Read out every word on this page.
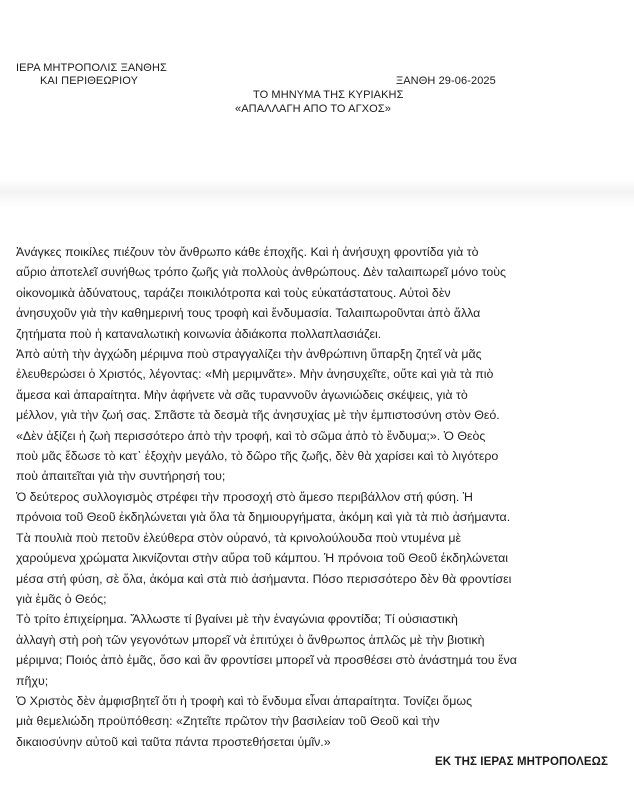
ΙΕΡΑ ΜΗΤΡΟΠΟΛΙΣ ΞΑΝΘΗΣ
ΚΑΙ ΠΕΡΙΘΕΩΡΙΟΥ	ΞΑΝΘΗ 29-06-2025
ΤΟ ΜΗΝΥΜΑ ΤΗΣ ΚΥΡΙΑΚΗΣ
«ΑΠΑΛΛΑΓΗ ΑΠΟ ΤΟ ΑΓΧΟΣ»
Ἀνάγκες ποικίλες πιέζουν τὸν ἄνθρωπο κάθε ἐποχῆς. Καὶ ἡ ἀνήσυχη φροντίδα γιὰ τὸ
αὔριο ἀποτελεῖ συνήθως τρόπο ζωῆς γιὰ πολλοὺς ἀνθρώπους. Δὲν ταλαιπωρεῖ μόνο τοὺς
οἰκονομικὰ ἀδύνατους, ταράζει ποικιλότροπα καὶ τοὺς εὐκατάστατους. Αὐτοὶ δὲν
ἀνησυχοῦν γιὰ τὴν καθημερινή τους τροφὴ καὶ ἔνδυμασία. Ταλαιπωροῦνται ἀπὸ ἄλλα
ζητήματα ποὺ ἡ καταναλωτικὴ κοινωνία ἀδιάκοπα πολλαπλασιάζει.
Ἀπὸ αὐτὴ τὴν ἀγχώδη μέριμνα ποὺ στραγγαλίζει τὴν ἀνθρώπινη ὕπαρξη ζητεῖ νὰ μᾶς
ἐλευθερώσει ὁ Χριστός, λέγοντας: «Μὴ μεριμνᾶτε». Μὴν ἀνησυχεῖτε, οὔτε καὶ γιὰ τὰ πιὸ
ἄμεσα καὶ ἀπαραίτητα. Μὴν ἀφήνετε νὰ σᾶς τυραννοῦν ἀγωνιώδεις σκέψεις, γιὰ τὸ
μέλλον, γιὰ τὴν ζωή σας. Σπᾶστε τὰ δεσμὰ τῆς ἀνησυχίας μὲ τὴν ἐμπιστοσύνη στὸν Θεό.
«Δὲν ἀξίζει ἡ ζωὴ περισσότερο ἀπὸ τὴν τροφή, καὶ τὸ σῶμα ἀπὸ τὸ ἔνδυμα;». Ὁ Θεὸς
ποὺ μᾶς ἔδωσε τὸ κατ᾽ ἐξοχὴν μεγάλο, τὸ δῶρο τῆς ζωῆς, δὲν θὰ χαρίσει καὶ τὸ λιγότερο
ποὺ ἀπαιτεῖται γιὰ τὴν συντήρησή του;
Ὁ δεύτερος συλλογισμὸς στρέφει τὴν προσοχή στὸ ἄμεσο περιβάλλον στή φύση. Ἡ
πρόνοια τοῦ Θεοῦ ἐκδηλώνεται γιὰ ὅλα τὰ δημιουργήματα, ἀκόμη καὶ γιὰ τὰ πιὸ ἀσήμαντα.
Τὰ πουλιὰ ποὺ πετοῦν ἐλεύθερα στὸν οὐρανό, τὰ κρινολούλουδα ποὺ ντυμένα μὲ
χαρούμενα χρώματα λικνίζονται στὴν αὔρα τοῦ κάμπου. Ἡ πρόνοια τοῦ Θεοῦ ἐκδηλώνεται
μέσα στή φύση, σὲ ὅλα, ἀκόμα καὶ στὰ πιὸ ἀσήμαντα. Πόσο περισσότερο δὲν θὰ φροντίσει
γιὰ ἐμᾶς ὁ Θεός;
Τὸ τρίτο ἐπιχείρημα. Ἄλλωστε τί βγαίνει μὲ τὴν ἐναγώνια φροντίδα; Τί οὐσιαστικὴ
ἀλλαγὴ στὴ ροὴ τῶν γεγονότων μπορεῖ νὰ ἐπιτύχει ὁ ἄνθρωπος ἁπλῶς μὲ τὴν βιοτικὴ
μέριμνα; Ποιός ἀπὸ ἐμᾶς, ὅσο καὶ ἂν φροντίσει μπορεῖ νὰ προσθέσει στὸ ἀνάστημά του ἕνα
πῆχυ;
Ὁ Χριστὸς δὲν ἀμφισβητεῖ ὅτι ἡ τροφὴ καὶ τὸ ἔνδυμα εἶναι ἀπαραίτητα. Τονίζει ὅμως
μιὰ θεμελιώδη προϋπόθεση: «Ζητεῖτε πρῶτον τὴν βασιλείαν τοῦ Θεοῦ καὶ τὴν
δικαιοσύνην αὐτοῦ καὶ ταῦτα πάντα προστεθήσεται ὑμῖν.»
ΕΚ ΤΗΣ ΙΕΡΑΣ ΜΗΤΡΟΠΟΛΕΩΣ
